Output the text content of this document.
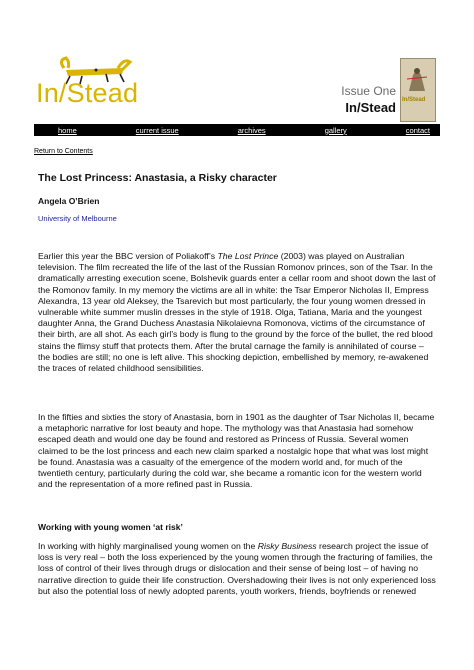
In/Stead	Issue One
In/Stead In/Stead
home	current issue	archives	gallery	contact
Return to Contents
The Lost Princess: Anastasia, a Risky character
Angela O’Brien
University of Melbourne

Earlier this year the BBC version of Poliakoff’s The Lost Prince (2003) was played on Australian television. The film recreated the life of the last of the Russian Romonov princes, son of the Tsar. In the dramatically arresting execution scene, Bolshevik guards enter a cellar room and shoot down the last of the Romonov family. In my memory the victims are all in white: the Tsar Emperor Nicholas II, Empress Alexandra, 13 year old Aleksey, the Tsarevich but most particularly, the four young women dressed in vulnerable white summer muslin dresses in the style of 1918. Olga, Tatiana, Maria and the youngest daughter Anna, the Grand Duchess Anastasia Nikolaievna Romonova, victims of the circumstance of their birth, are all shot. As each girl’s body is flung to the ground by the force of the bullet, the red blood stains the flimsy stuff that protects them. After the brutal carnage the family is annihilated of course – the bodies are still; no one is left alive. This shocking depiction, embellished by memory, re-awakened the traces of related childhood sensibilities.

In the fifties and sixties the story of Anastasia, born in 1901 as the daughter of Tsar Nicholas II, became a metaphoric narrative for lost beauty and hope. The mythology was that Anastasia had somehow escaped death and would one day be found and restored as Princess of Russia. Several women claimed to be the lost princess and each new claim sparked a nostalgic hope that what was lost might be found. Anastasia was a casualty of the emergence of the modern world and, for much of the twentieth century, particularly during the cold war, she became a romantic icon for the western world and the representation of a more refined past in Russia.

Working with young women ‘at risk’

In working with highly marginalised young women on the Risky Business research project the issue of loss is very real – both the loss experienced by the young women through the fracturing of families, the loss of control of their lives through drugs or dislocation and their sense of being lost – of having no narrative direction to guide their life construction. Overshadowing their lives is not only experienced loss but also the potential loss of newly adopted parents, youth workers, friends, boyfriends or renewed
